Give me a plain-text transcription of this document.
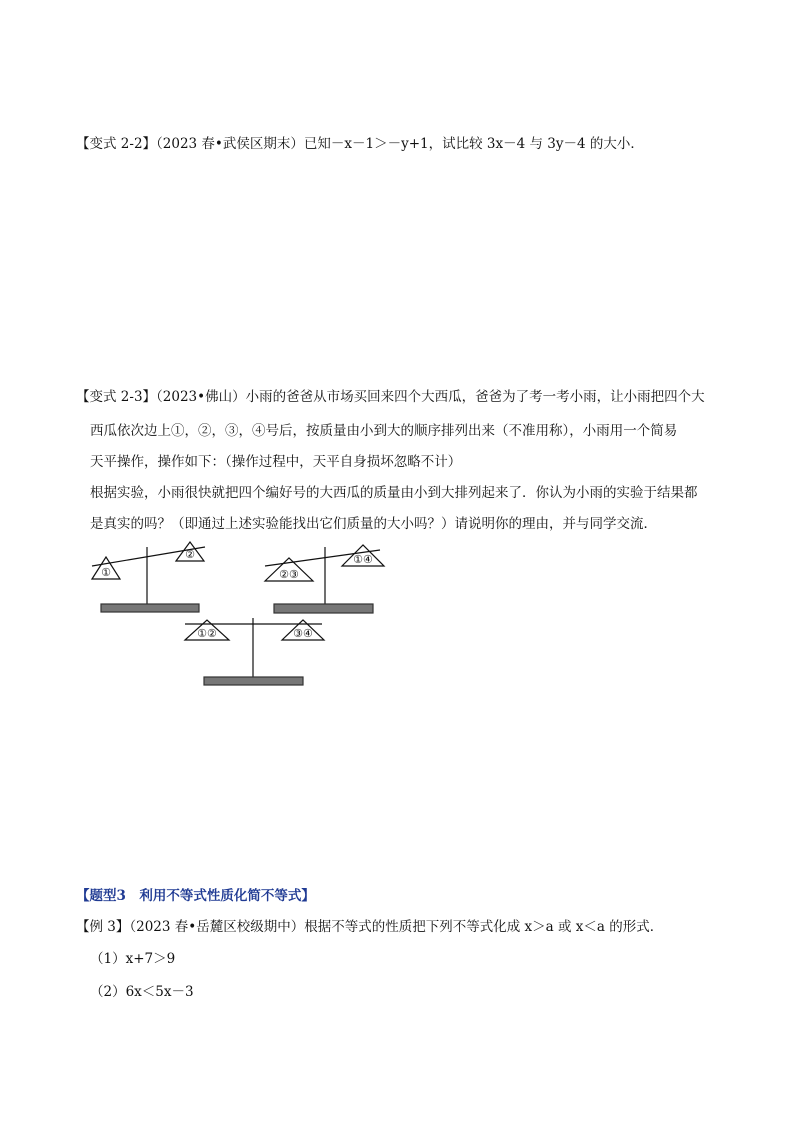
【变式 2-2】（2023 春•武侯区期末）已知－x－1＞－y+1，试比较 3x－4 与 3y－4 的大小．
【变式 2-3】（2023•佛山）小雨的爸爸从市场买回来四个大西瓜，爸爸为了考一考小雨，让小雨把四个大
西瓜依次边上①，②，③，④号后，按质量由小到大的顺序排列出来（不准用称），小雨用一个简易
天平操作，操作如下：（操作过程中，天平自身损坏忽略不计）
根据实验，小雨很快就把四个编好号的大西瓜的质量由小到大排列起来了．你认为小雨的实验于结果都
是真实的吗？（即通过上述实验能找出它们质量的大小吗？）请说明你的理由，并与同学交流．
①
②
②③
①④
①②	③④
【题型3　利用不等式性质化简不等式】
【例 3】（2023 春•岳麓区校级期中）根据不等式的性质把下列不等式化成 x＞a 或 x＜a 的形式．
（1）x+7＞9
（2）6x＜5x－3
